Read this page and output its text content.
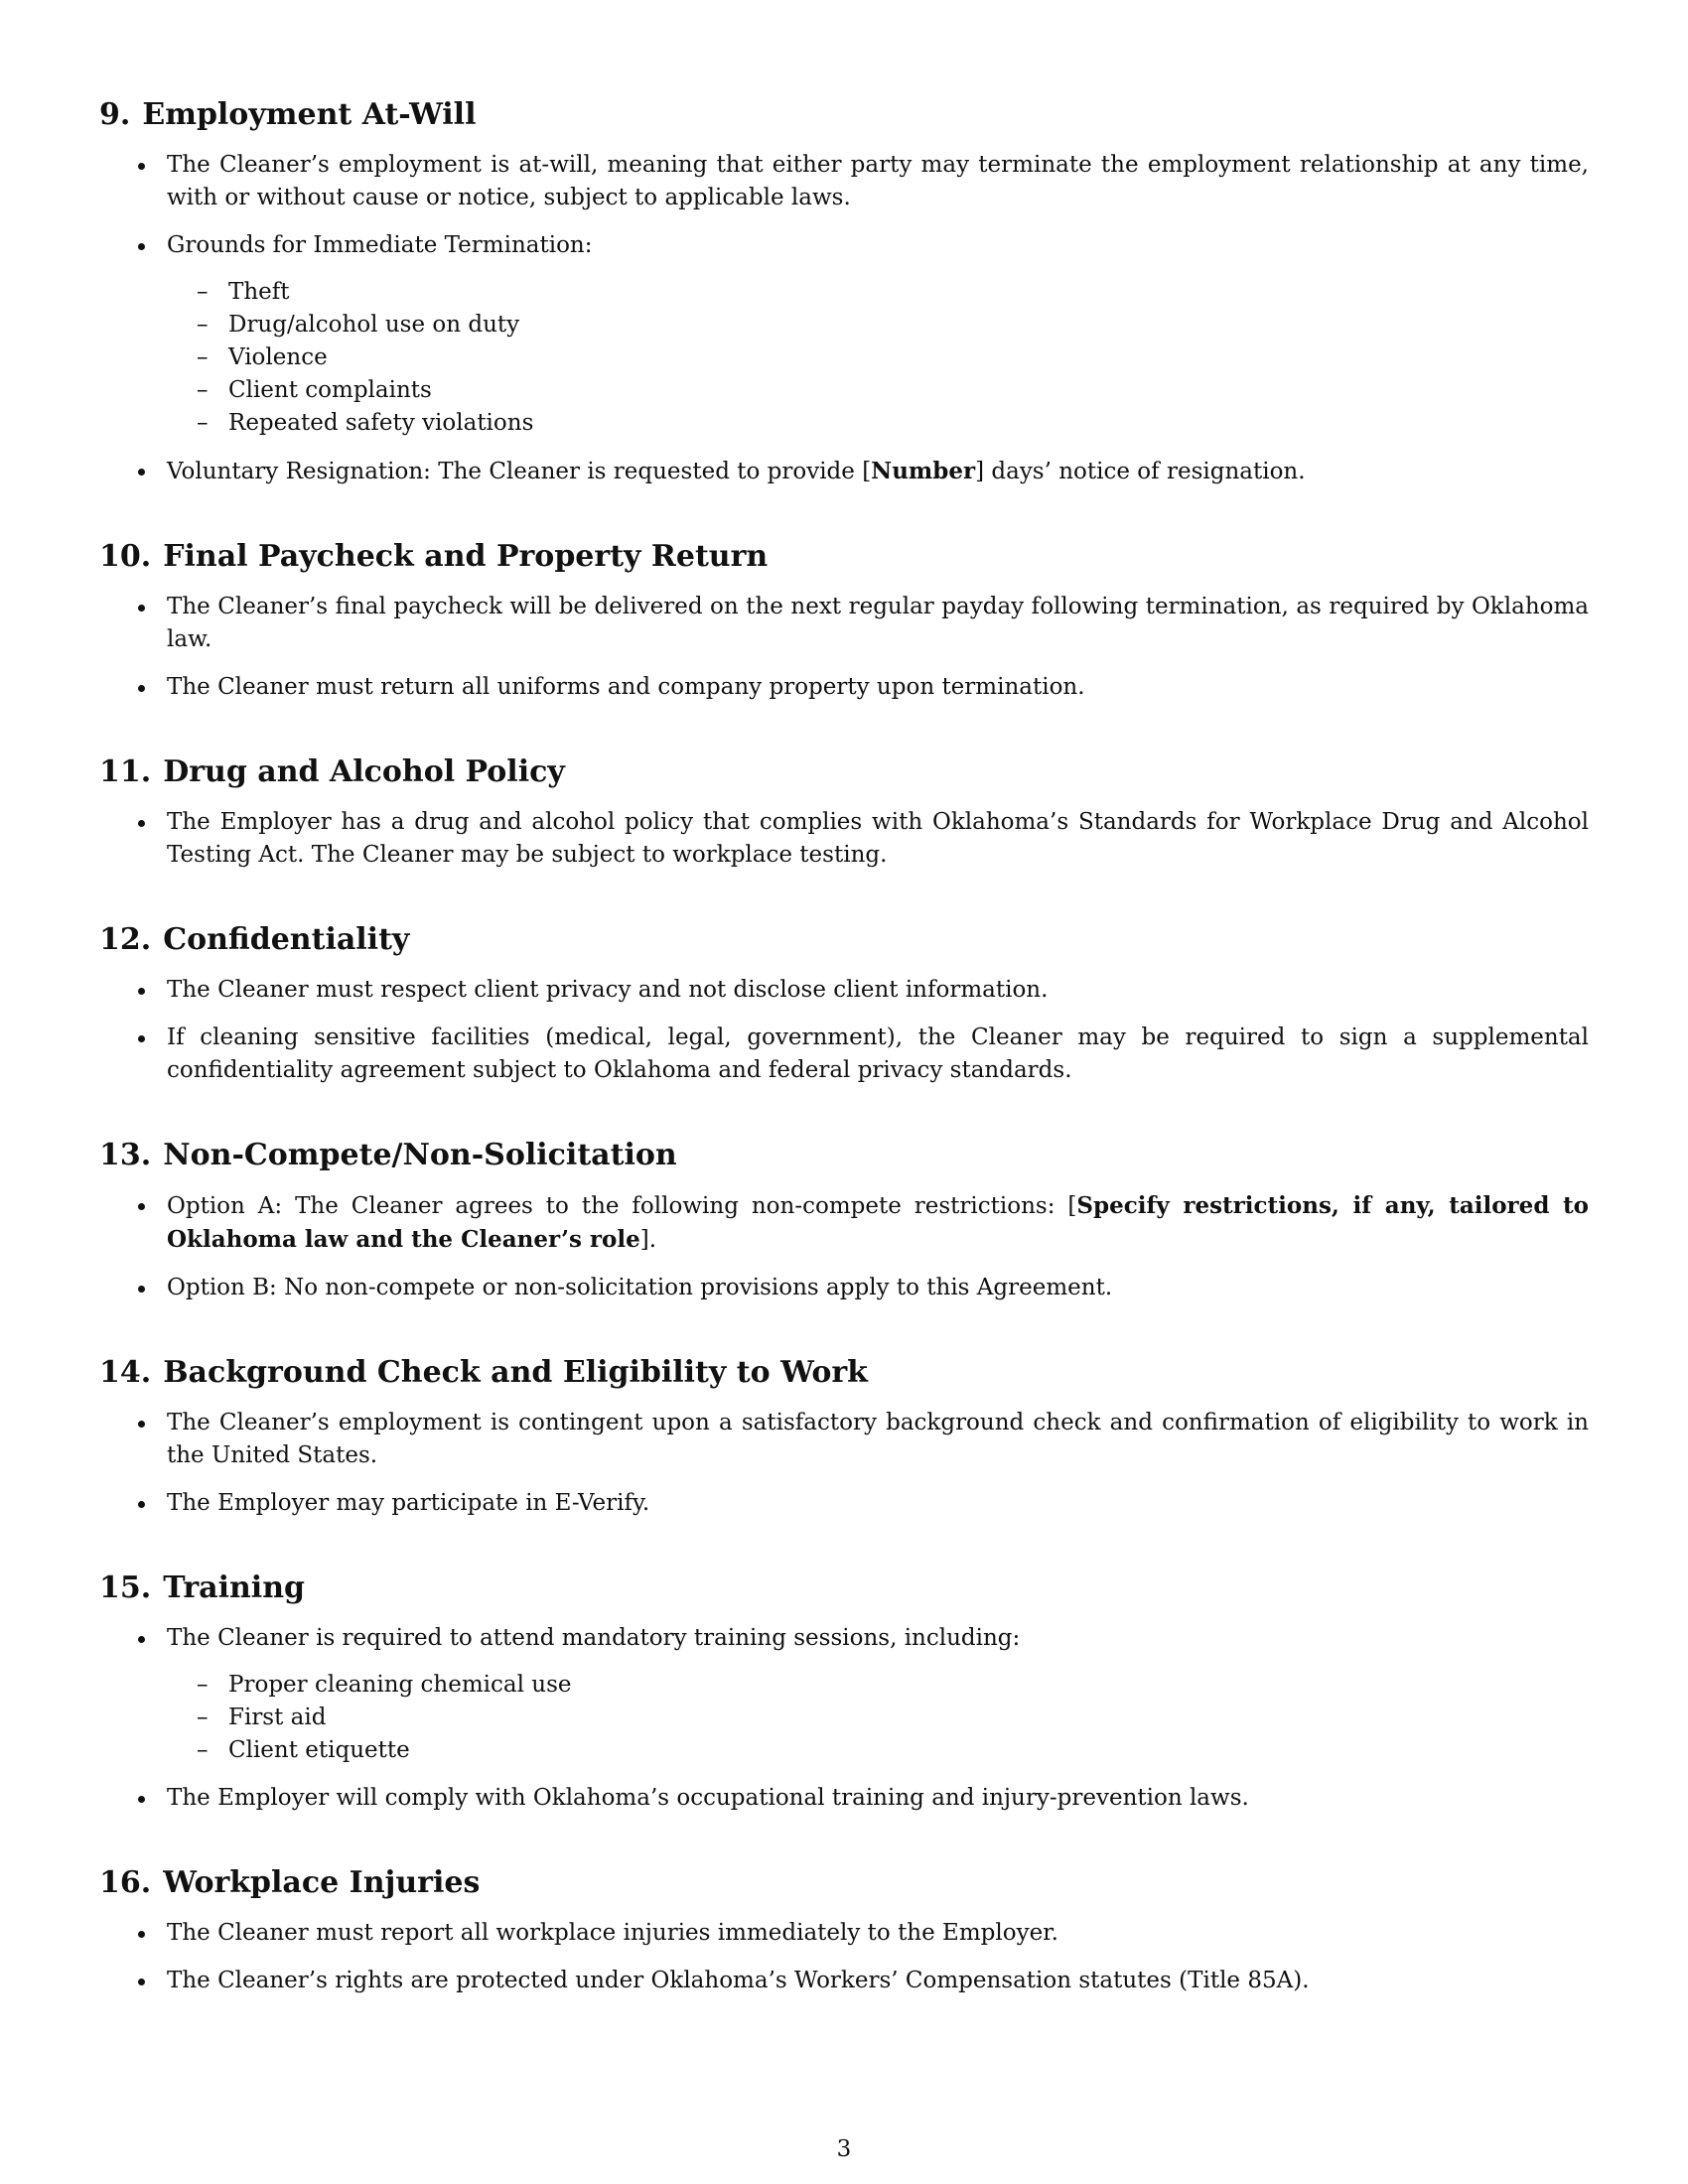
9. Employment At-Will
The Cleaner’s employment is at-will, meaning that either party may terminate the employment relationship at any time, with or without cause or notice, subject to applicable laws.
Grounds for Immediate Termination:
– Theft
– Drug/alcohol use on duty
– Violence
– Client complaints
– Repeated safety violations
Voluntary Resignation: The Cleaner is requested to provide [Number] days’ notice of resignation.
10. Final Paycheck and Property Return
The Cleaner’s final paycheck will be delivered on the next regular payday following termination, as required by Oklahoma law.
The Cleaner must return all uniforms and company property upon termination.
11. Drug and Alcohol Policy
The Employer has a drug and alcohol policy that complies with Oklahoma’s Standards for Workplace Drug and Alcohol Testing Act. The Cleaner may be subject to workplace testing.
12. Confidentiality
The Cleaner must respect client privacy and not disclose client information.
If cleaning sensitive facilities (medical, legal, government), the Cleaner may be required to sign a supplemental confidentiality agreement subject to Oklahoma and federal privacy standards.
13. Non-Compete/Non-Solicitation
Option A: The Cleaner agrees to the following non-compete restrictions: [Specify restrictions, if any, tailored to Oklahoma law and the Cleaner’s role].
Option B: No non-compete or non-solicitation provisions apply to this Agreement.
14. Background Check and Eligibility to Work
The Cleaner’s employment is contingent upon a satisfactory background check and confirmation of eligibility to work in the United States.
The Employer may participate in E-Verify.
15. Training
The Cleaner is required to attend mandatory training sessions, including:
– Proper cleaning chemical use
– First aid
– Client etiquette
The Employer will comply with Oklahoma’s occupational training and injury-prevention laws.
16. Workplace Injuries
The Cleaner must report all workplace injuries immediately to the Employer.
The Cleaner’s rights are protected under Oklahoma’s Workers’ Compensation statutes (Title 85A).
3
